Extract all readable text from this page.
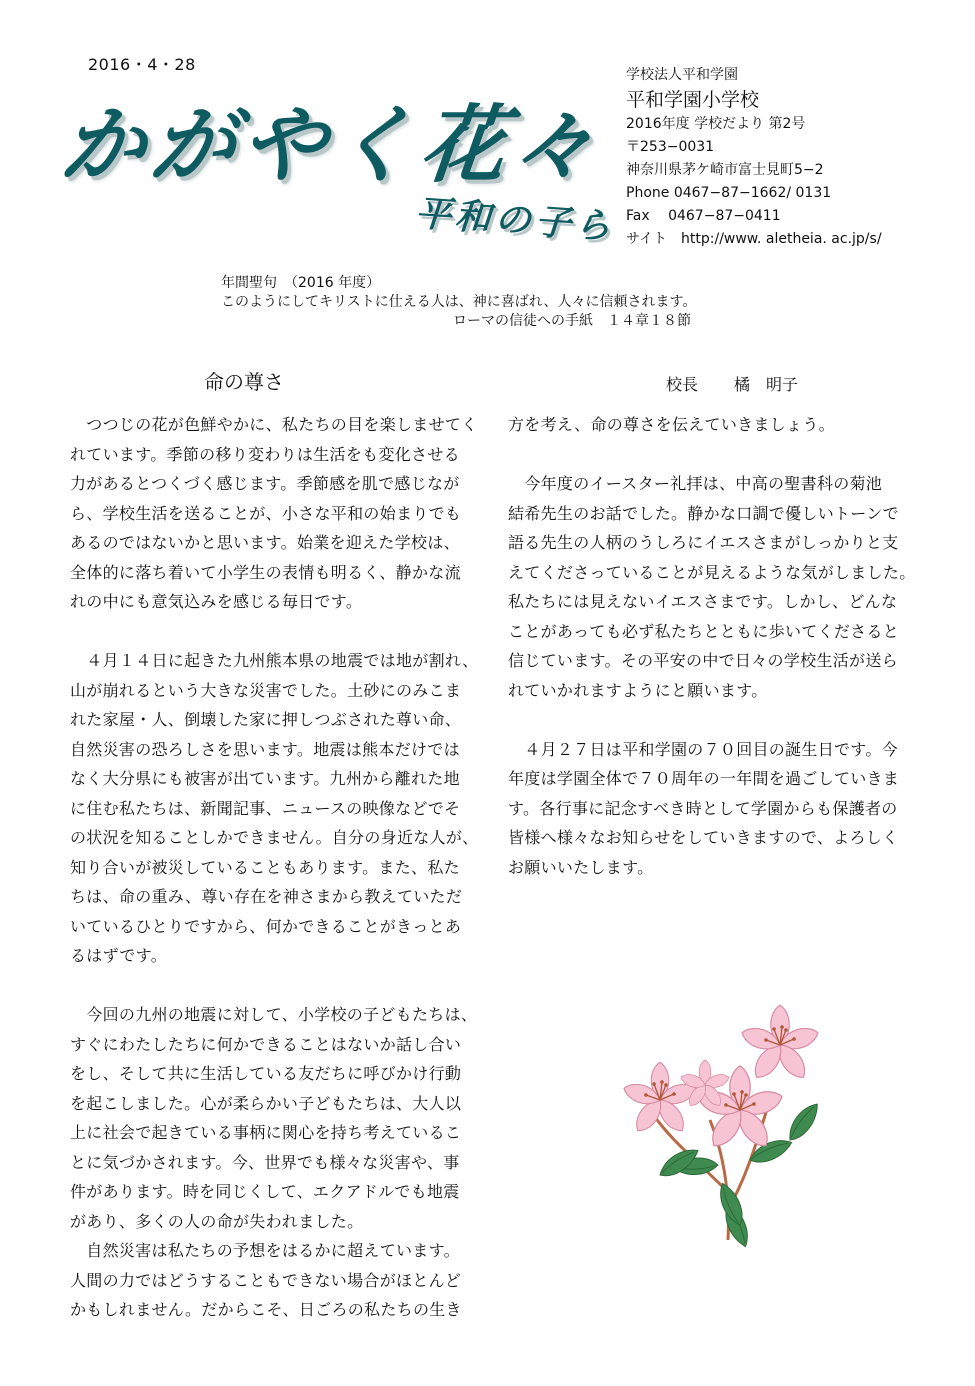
2016・4・28
かがやく花々
平和の子ら
学校法人平和学園
平和学園小学校
2016年度 学校だより 第2号
〒253−0031
神奈川県茅ケ崎市富士見町5−2
Phone 0467−87−1662/ 0131
Fax　 0467−87−0411
サイト　http://www. aletheia. ac.jp/s/
年間聖句　（2016 年度）
このようにしてキリストに仕える人は、神に喜ばれ、人々に信頼されます。
ローマの信徒への手紙　１４章１８節
命の尊さ	校長 橘　明子

　つつじの花が色鮮やかに、私たちの目を楽しませてく
れています。季節の移り変わりは生活をも変化させる
力があるとつくづく感じます。季節感を肌で感じなが
ら、学校生活を送ることが、小さな平和の始まりでも
あるのではないかと思います。始業を迎えた学校は、
全体的に落ち着いて小学生の表情も明るく、静かな流
れの中にも意気込みを感じる毎日です。

　４月１４日に起きた九州熊本県の地震では地が割れ、
山が崩れるという大きな災害でした。土砂にのみこま
れた家屋・人、倒壊した家に押しつぶされた尊い命、
自然災害の恐ろしさを思います。地震は熊本だけでは
なく大分県にも被害が出ています。九州から離れた地
に住む私たちは、新聞記事、ニュースの映像などでそ
の状況を知ることしかできません。自分の身近な人が、
知り合いが被災していることもあります。また、私た
ちは、命の重み、尊い存在を神さまから教えていただ
いているひとりですから、何かできることがきっとあ
るはずです。

　今回の九州の地震に対して、小学校の子どもたちは、
すぐにわたしたちに何かできることはないか話し合い
をし、そして共に生活している友だちに呼びかけ行動
を起こしました。心が柔らかい子どもたちは、大人以
上に社会で起きている事柄に関心を持ち考えているこ
とに気づかされます。今、世界でも様々な災害や、事
件があります。時を同じくして、エクアドルでも地震
があり、多くの人の命が失われました。

　自然災害は私たちの予想をはるかに超えています。
人間の力ではどうすることもできない場合がほとんど
かもしれません。だからこそ、日ごろの私たちの生き

方を考え、命の尊さを伝えていきましょう。

　今年度のイースター礼拝は、中高の聖書科の菊池
結希先生のお話でした。静かな口調で優しいトーンで
語る先生の人柄のうしろにイエスさまがしっかりと支
えてくださっていることが見えるような気がしました。
私たちには見えないイエスさまです。しかし、どんな
ことがあっても必ず私たちとともに歩いてくださると
信じています。その平安の中で日々の学校生活が送ら
れていかれますようにと願います。

　４月２７日は平和学園の７０回目の誕生日です。今
年度は学園全体で７０周年の一年間を過ごしていきま
す。各行事に記念すべき時として学園からも保護者の
皆様へ様々なお知らせをしていきますので、よろしく
お願いいたします。
